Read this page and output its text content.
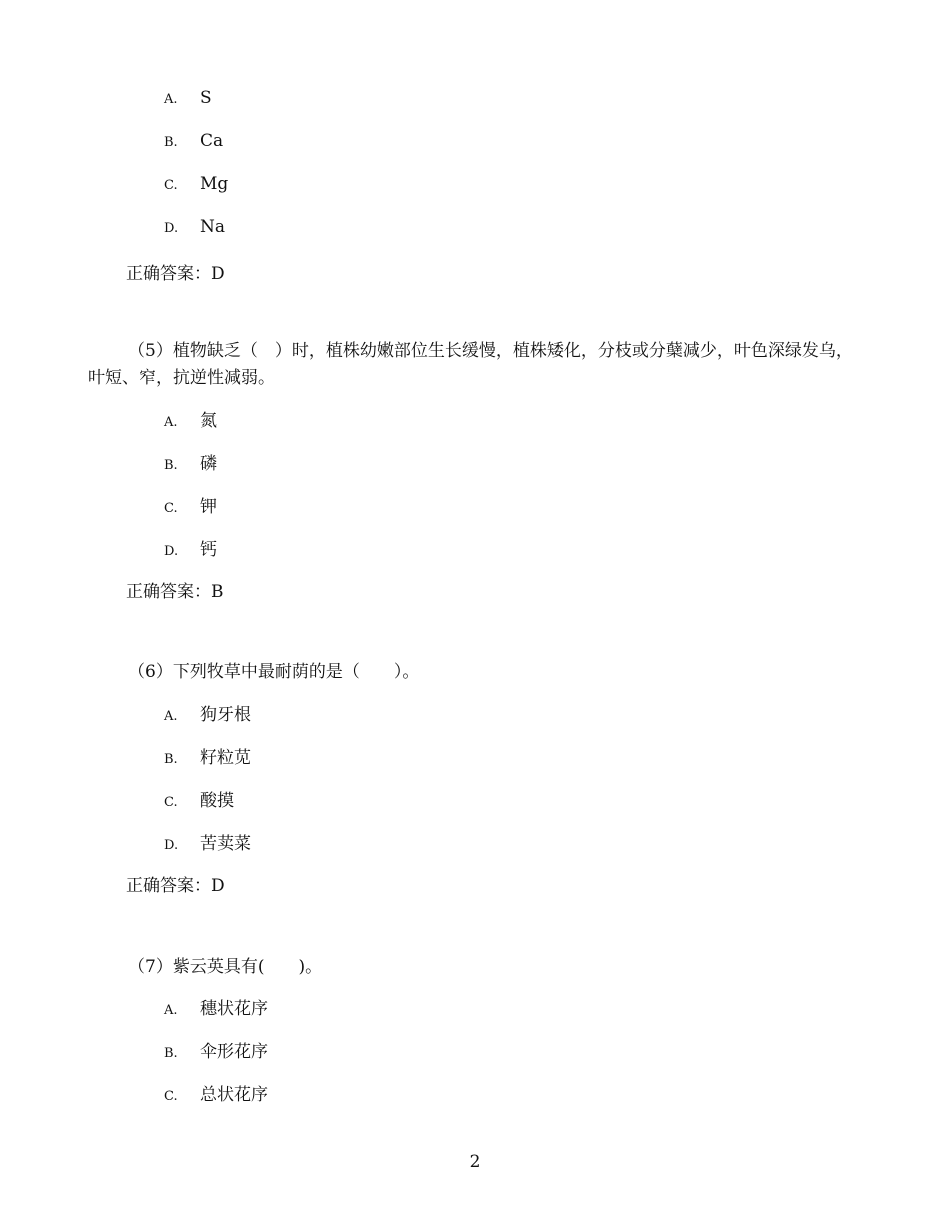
A. S
B. Ca
C. Mg
D. Na
正确答案：D
（5）植物缺乏（　）时，植株幼嫩部位生长缓慢，植株矮化，分枝或分蘖减少，叶色深绿发乌，叶短、窄，抗逆性减弱。
A. 氮
B. 磷
C. 钾
D. 钙
正确答案：B
（6）下列牧草中最耐荫的是（　　）。
A. 狗牙根
B. 籽粒苋
C. 酸摸
D. 苦荬菜
正确答案：D
（7）紫云英具有(　　)。
A. 穗状花序
B. 伞形花序
C. 总状花序
2
